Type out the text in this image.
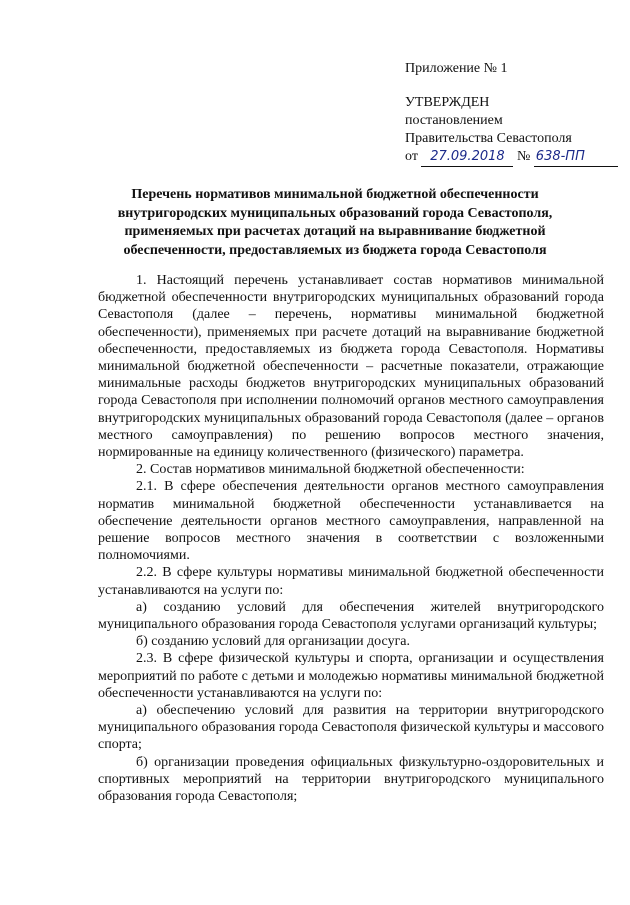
Приложение № 1
УТВЕРЖДЕН
постановлением
Правительства Севастополя
от 27.09.2018 № 638-ПП
Перечень нормативов минимальной бюджетной обеспеченности внутригородских муниципальных образований города Севастополя, применяемых при расчетах дотаций на выравнивание бюджетной обеспеченности, предоставляемых из бюджета города Севастополя

1. Настоящий перечень устанавливает состав нормативов минимальной бюджетной обеспеченности внутригородских муниципальных образований города Севастополя (далее – перечень, нормативы минимальной бюджетной обеспеченности), применяемых при расчете дотаций на выравнивание бюджетной обеспеченности, предоставляемых из бюджета города Севастополя. Нормативы минимальной бюджетной обеспеченности – расчетные показатели, отражающие минимальные расходы бюджетов внутригородских муниципальных образований города Севастополя при исполнении полномочий органов местного самоуправления внутригородских муниципальных образований города Севастополя (далее – органов местного самоуправления) по решению вопросов местного значения, нормированные на единицу количественного (физического) параметра.

2. Состав нормативов минимальной бюджетной обеспеченности:

2.1. В сфере обеспечения деятельности органов местного самоуправления норматив минимальной бюджетной обеспеченности устанавливается на обеспечение деятельности органов местного самоуправления, направленной на решение вопросов местного значения в соответствии с возложенными полномочиями.

2.2. В сфере культуры нормативы минимальной бюджетной обеспеченности устанавливаются на услуги по:

а) созданию условий для обеспечения жителей внутригородского муниципального образования города Севастополя услугами организаций культуры;

б) созданию условий для организации досуга.

2.3. В сфере физической культуры и спорта, организации и осуществления мероприятий по работе с детьми и молодежью нормативы минимальной бюджетной обеспеченности устанавливаются на услуги по:

а) обеспечению условий для развития на территории внутригородского муниципального образования города Севастополя физической культуры и массового спорта;

б) организации проведения официальных физкультурно-оздоровительных и спортивных мероприятий на территории внутригородского муниципального образования города Севастополя;
